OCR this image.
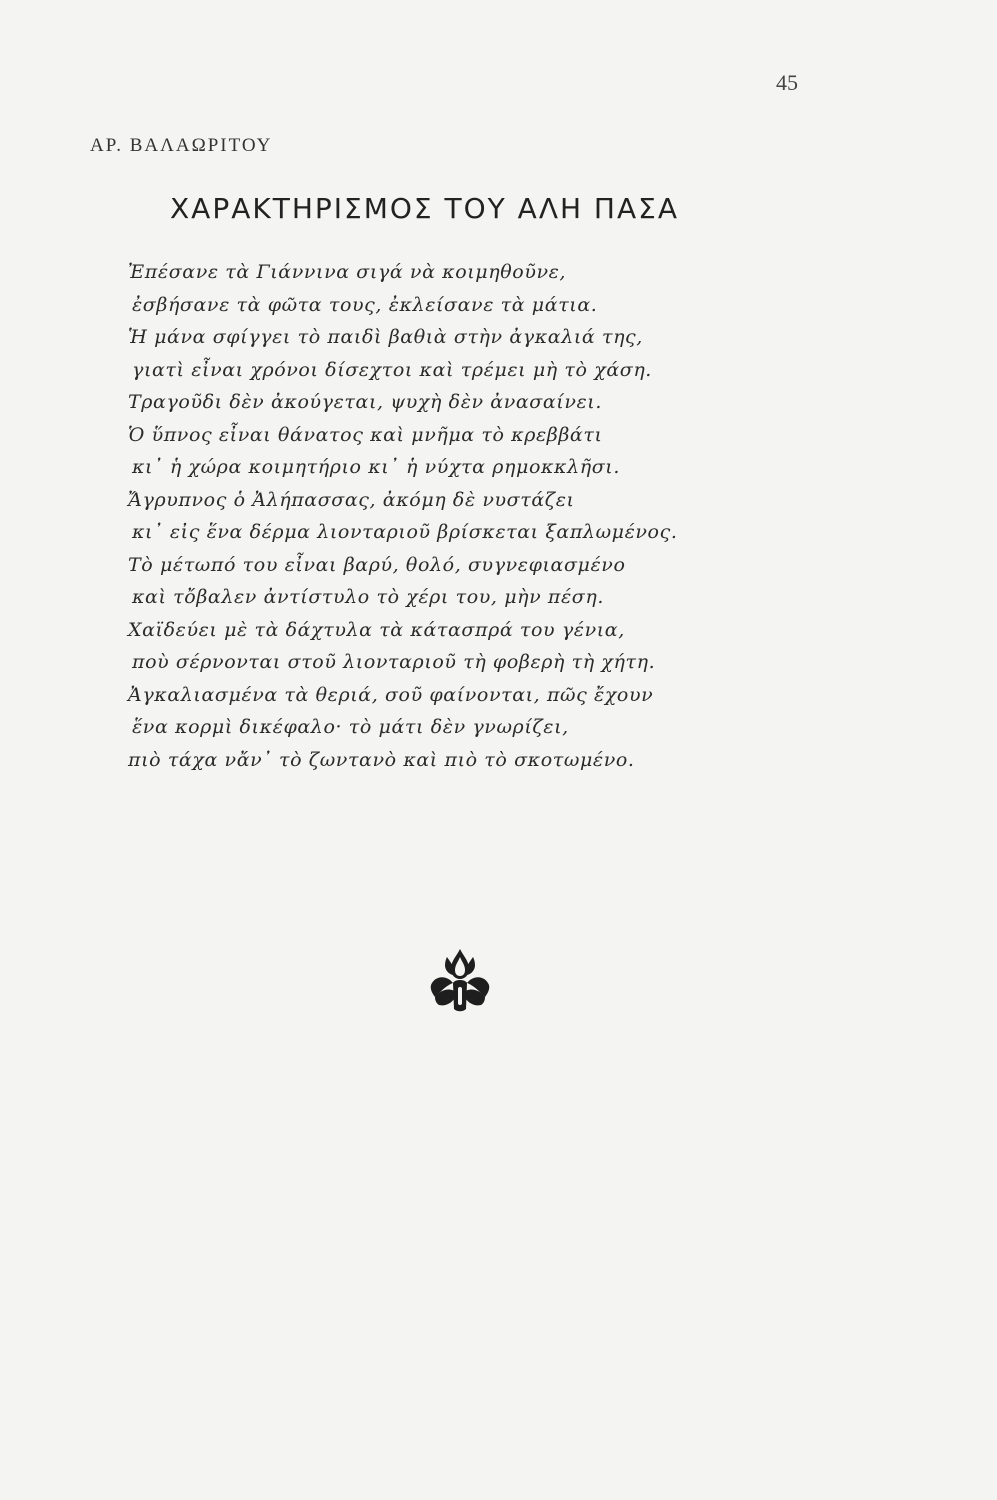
45
ΑΡ. ΒΑΛΑΩΡΙΤΟΥ
ΧΑΡΑΚΤΗΡΙΣΜΟΣ ΤΟΥ ΑΛΗ ΠΑΣΑ
Ἐπέσανε τὰ Γιάννινα σιγά νὰ κοιμηθοῦνε,
ἐσβήσανε τὰ φῶτα τους, ἐκλείσανε τὰ μάτια.
Ἡ μάνα σφίγγει τὸ παιδὶ βαθιὰ στὴν ἀγκαλιά της,
γιατὶ εἶναι χρόνοι δίσεχτοι καὶ τρέμει μὴ τὸ χάση.
Τραγοῦδι δὲν ἀκούγεται, ψυχὴ δὲν ἀνασαίνει.
Ὁ ὕπνος εἶναι θάνατος καὶ μνῆμα τὸ κρεββάτι
κι᾿ ἡ χώρα κοιμητήριο κι᾿ ἡ νύχτα ρημοκκλῆσι.
Ἄγρυπνος ὁ Ἀλήπασσας, ἀκόμη δὲ νυστάζει
κι᾿ εἰς ἕνα δέρμα λιονταριοῦ βρίσκεται ξαπλωμένος.
Τὸ μέτωπό του εἶναι βαρύ, θολό, συγνεφιασμένο
καὶ τὄβαλεν ἀντίστυλο τὸ χέρι του, μὴν πέση.
Χαϊδεύει μὲ τὰ δάχτυλα τὰ κάτασπρά του γένια,
ποὺ σέρνονται στοῦ λιονταριοῦ τὴ φοβερὴ τὴ χήτη.
Ἀγκαλιασμένα τὰ θεριά, σοῦ φαίνονται, πῶς ἔχουν
ἕνα κορμὶ δικέφαλο· τὸ μάτι δὲν γνωρίζει,
πιὸ τάχα νἄν᾿ τὸ ζωντανὸ καὶ πιὸ τὸ σκοτωμένο.
